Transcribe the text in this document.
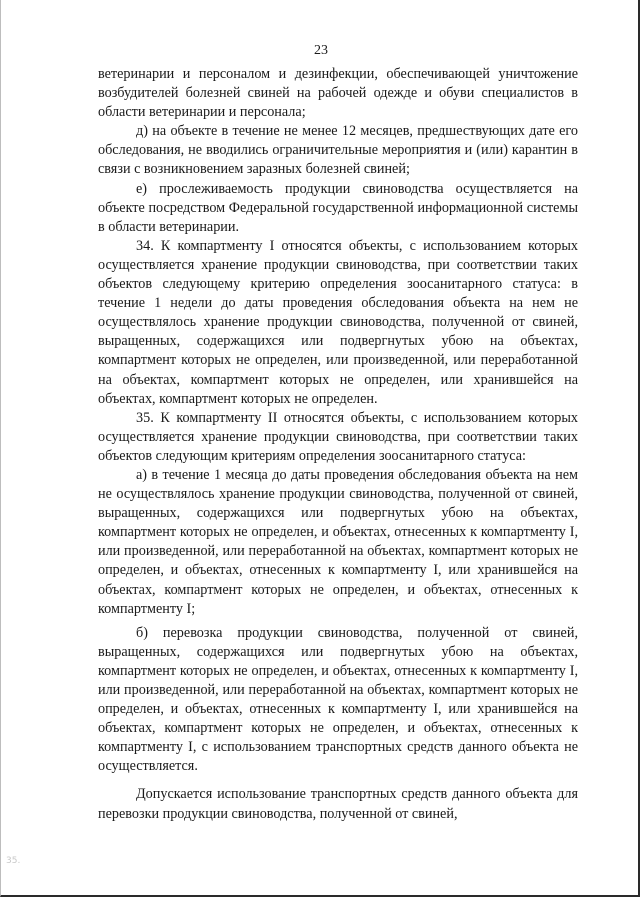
23

ветеринарии и персоналом и дезинфекции, обеспечивающей уничтожение возбудителей болезней свиней на рабочей одежде и обуви специалистов в области ветеринарии и персонала;

д) на объекте в течение не менее 12 месяцев, предшествующих дате его обследования, не вводились ограничительные мероприятия и (или) карантин в связи с возникновением заразных болезней свиней;

е) прослеживаемость продукции свиноводства осуществляется на объекте посредством Федеральной государственной информационной системы в области ветеринарии.

34. К компартменту I относятся объекты, с использованием которых осуществляется хранение продукции свиноводства, при соответствии таких объектов следующему критерию определения зоосанитарного статуса: в течение 1 недели до даты проведения обследования объекта на нем не осуществлялось хранение продукции свиноводства, полученной от свиней, выращенных, содержащихся или подвергнутых убою на объектах, компартмент которых не определен, или произведенной, или переработанной на объектах, компартмент которых не определен, или хранившейся на объектах, компартмент которых не определен.

35. К компартменту II относятся объекты, с использованием которых осуществляется хранение продукции свиноводства, при соответствии таких объектов следующим критериям определения зоосанитарного статуса:

а) в течение 1 месяца до даты проведения обследования объекта на нем не осуществлялось хранение продукции свиноводства, полученной от свиней, выращенных, содержащихся или подвергнутых убою на объектах, компартмент которых не определен, и объектах, отнесенных к компартменту I, или произведенной, или переработанной на объектах, компартмент которых не определен, и объектах, отнесенных к компартменту I, или хранившейся на объектах, компартмент которых не определен, и объектах, отнесенных к компартменту I;

б) перевозка продукции свиноводства, полученной от свиней, выращенных, содержащихся или подвергнутых убою на объектах, компартмент которых не определен, и объектах, отнесенных к компартменту I, или произведенной, или переработанной на объектах, компартмент которых не определен, и объектах, отнесенных к компартменту I, или хранившейся на объектах, компартмент которых не определен, и объектах, отнесенных к компартменту I, с использованием транспортных средств данного объекта не осуществляется.

Допускается использование транспортных средств данного объекта для перевозки продукции свиноводства, полученной от свиней,

35.
